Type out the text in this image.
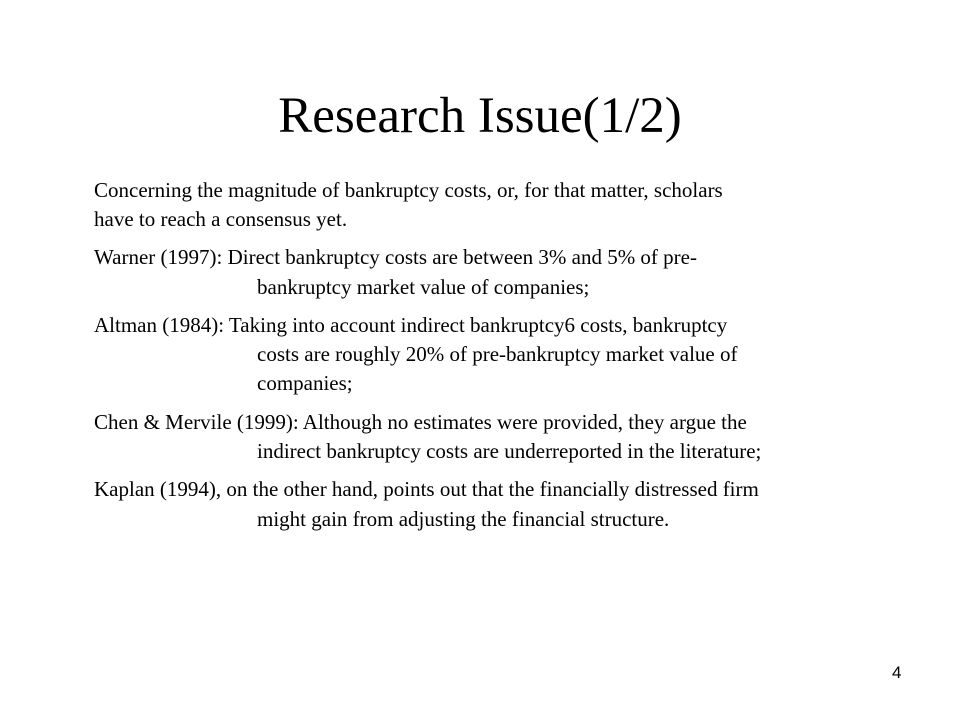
Research Issue(1/2)

Concerning the magnitude of bankruptcy costs, or, for that matter, scholars

have to reach a consensus yet.

Warner (1997): Direct bankruptcy costs are between 3% and 5% of pre-

bankruptcy market value of companies;

Altman (1984): Taking into account indirect bankruptcy6 costs, bankruptcy

costs are roughly 20% of pre-bankruptcy market value of

companies;

Chen & Mervile (1999): Although no estimates were provided, they argue the

indirect bankruptcy costs are underreported in the literature;

Kaplan (1994), on the other hand, points out that the financially distressed firm

might gain from adjusting the financial structure.

4
